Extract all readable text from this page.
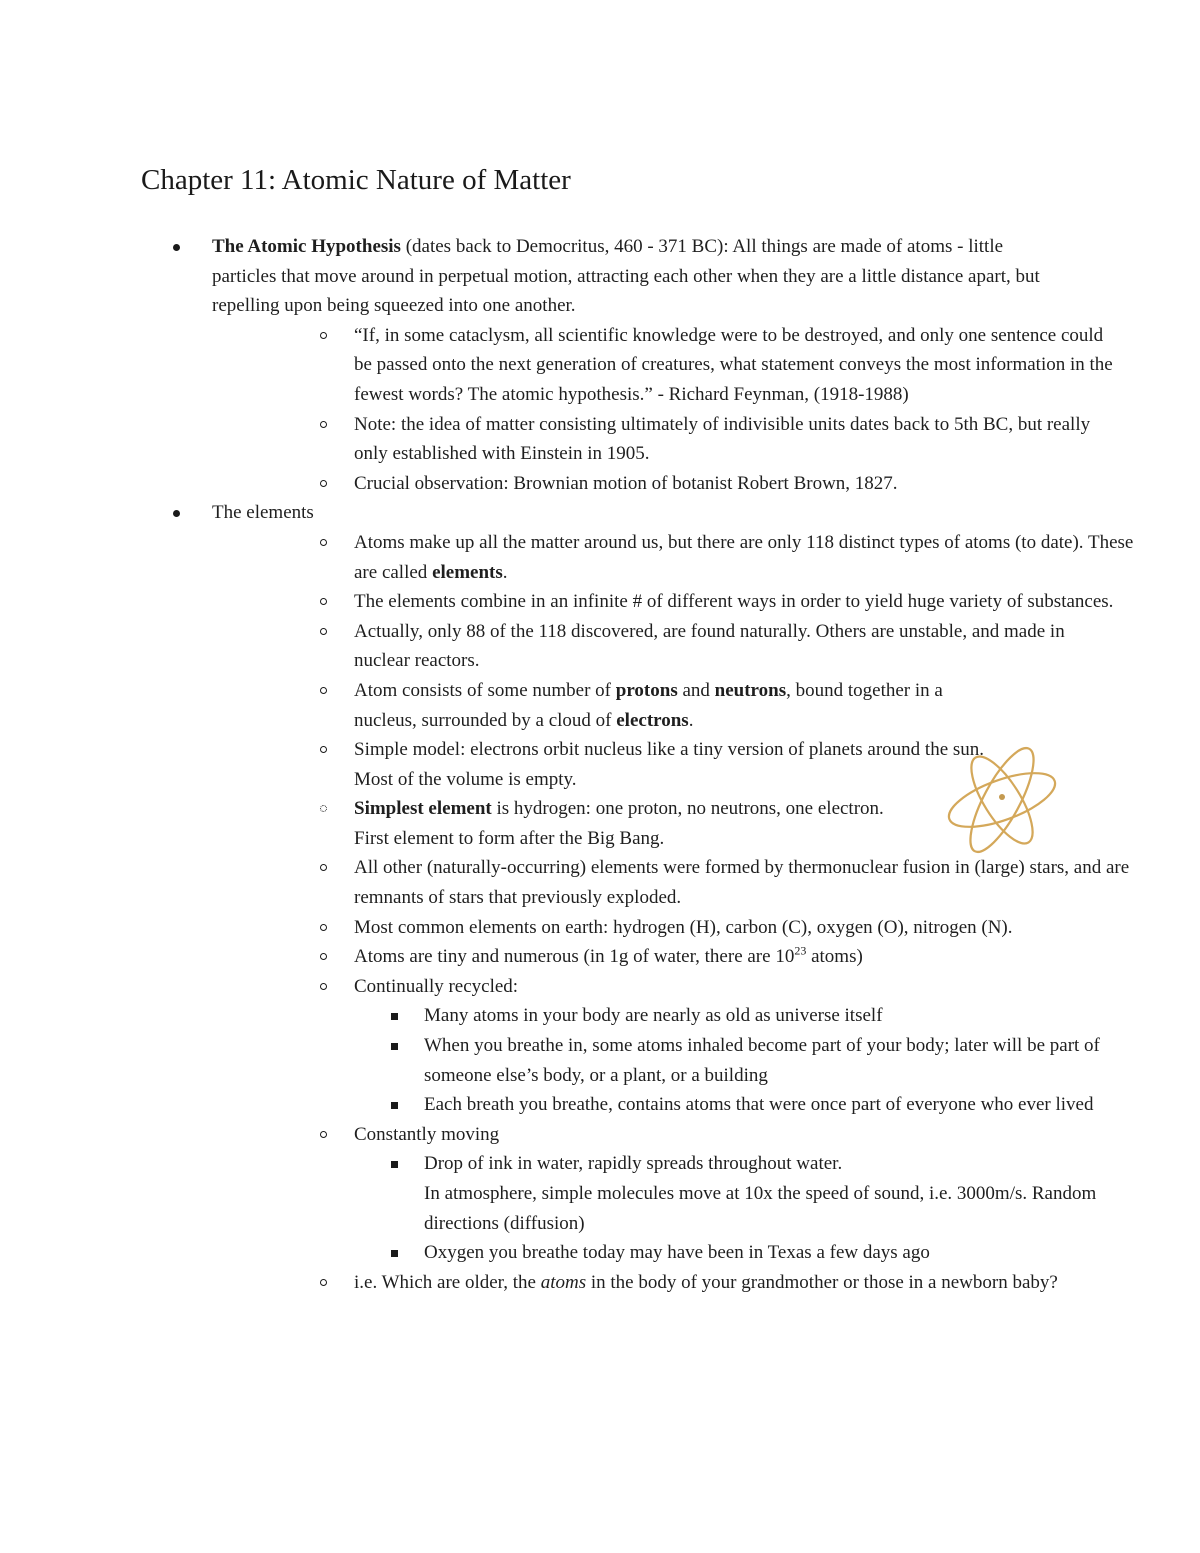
Chapter 11: Atomic Nature of Matter
The Atomic Hypothesis (dates back to Democritus, 460 - 371 BC): All things are made of atoms - little particles that move around in perpetual motion, attracting each other when they are a little distance apart, but repelling upon being squeezed into one another.
“If, in some cataclysm, all scientific knowledge were to be destroyed, and only one sentence could be passed onto the next generation of creatures, what statement conveys the most information in the fewest words? The atomic hypothesis.” - Richard Feynman, (1918-1988)
Note: the idea of matter consisting ultimately of indivisible units dates back to 5th BC, but really only established with Einstein in 1905.
Crucial observation: Brownian motion of botanist Robert Brown, 1827.
The elements
Atoms make up all the matter around us, but there are only 118 distinct types of atoms (to date). These are called elements.
The elements combine in an infinite # of different ways in order to yield huge variety of substances.
Actually, only 88 of the 118 discovered, are found naturally. Others are unstable, and made in nuclear reactors.
Atom consists of some number of protons and neutrons, bound together in a nucleus, surrounded by a cloud of electrons.
Simple model: electrons orbit nucleus like a tiny version of planets around the sun. Most of the volume is empty.
Simplest element is hydrogen: one proton, no neutrons, one electron.
First element to form after the Big Bang.
All other (naturally-occurring) elements were formed by thermonuclear fusion in (large) stars, and are remnants of stars that previously exploded.
Most common elements on earth: hydrogen (H), carbon (C), oxygen (O), nitrogen (N).
Atoms are tiny and numerous (in 1g of water, there are $10^{23}$ atoms)
Continually recycled:
Many atoms in your body are nearly as old as universe itself
When you breathe in, some atoms inhaled become part of your body; later will be part of someone else’s body, or a plant, or a building
Each breath you breathe, contains atoms that were once part of everyone who ever lived
Constantly moving
Drop of ink in water, rapidly spreads throughout water.
In atmosphere, simple molecules move at 10x the speed of sound, i.e. 3000m/s. Random directions (diffusion)
Oxygen you breathe today may have been in Texas a few days ago
i.e. Which are older, the atoms in the body of your grandmother or those in a newborn baby?
